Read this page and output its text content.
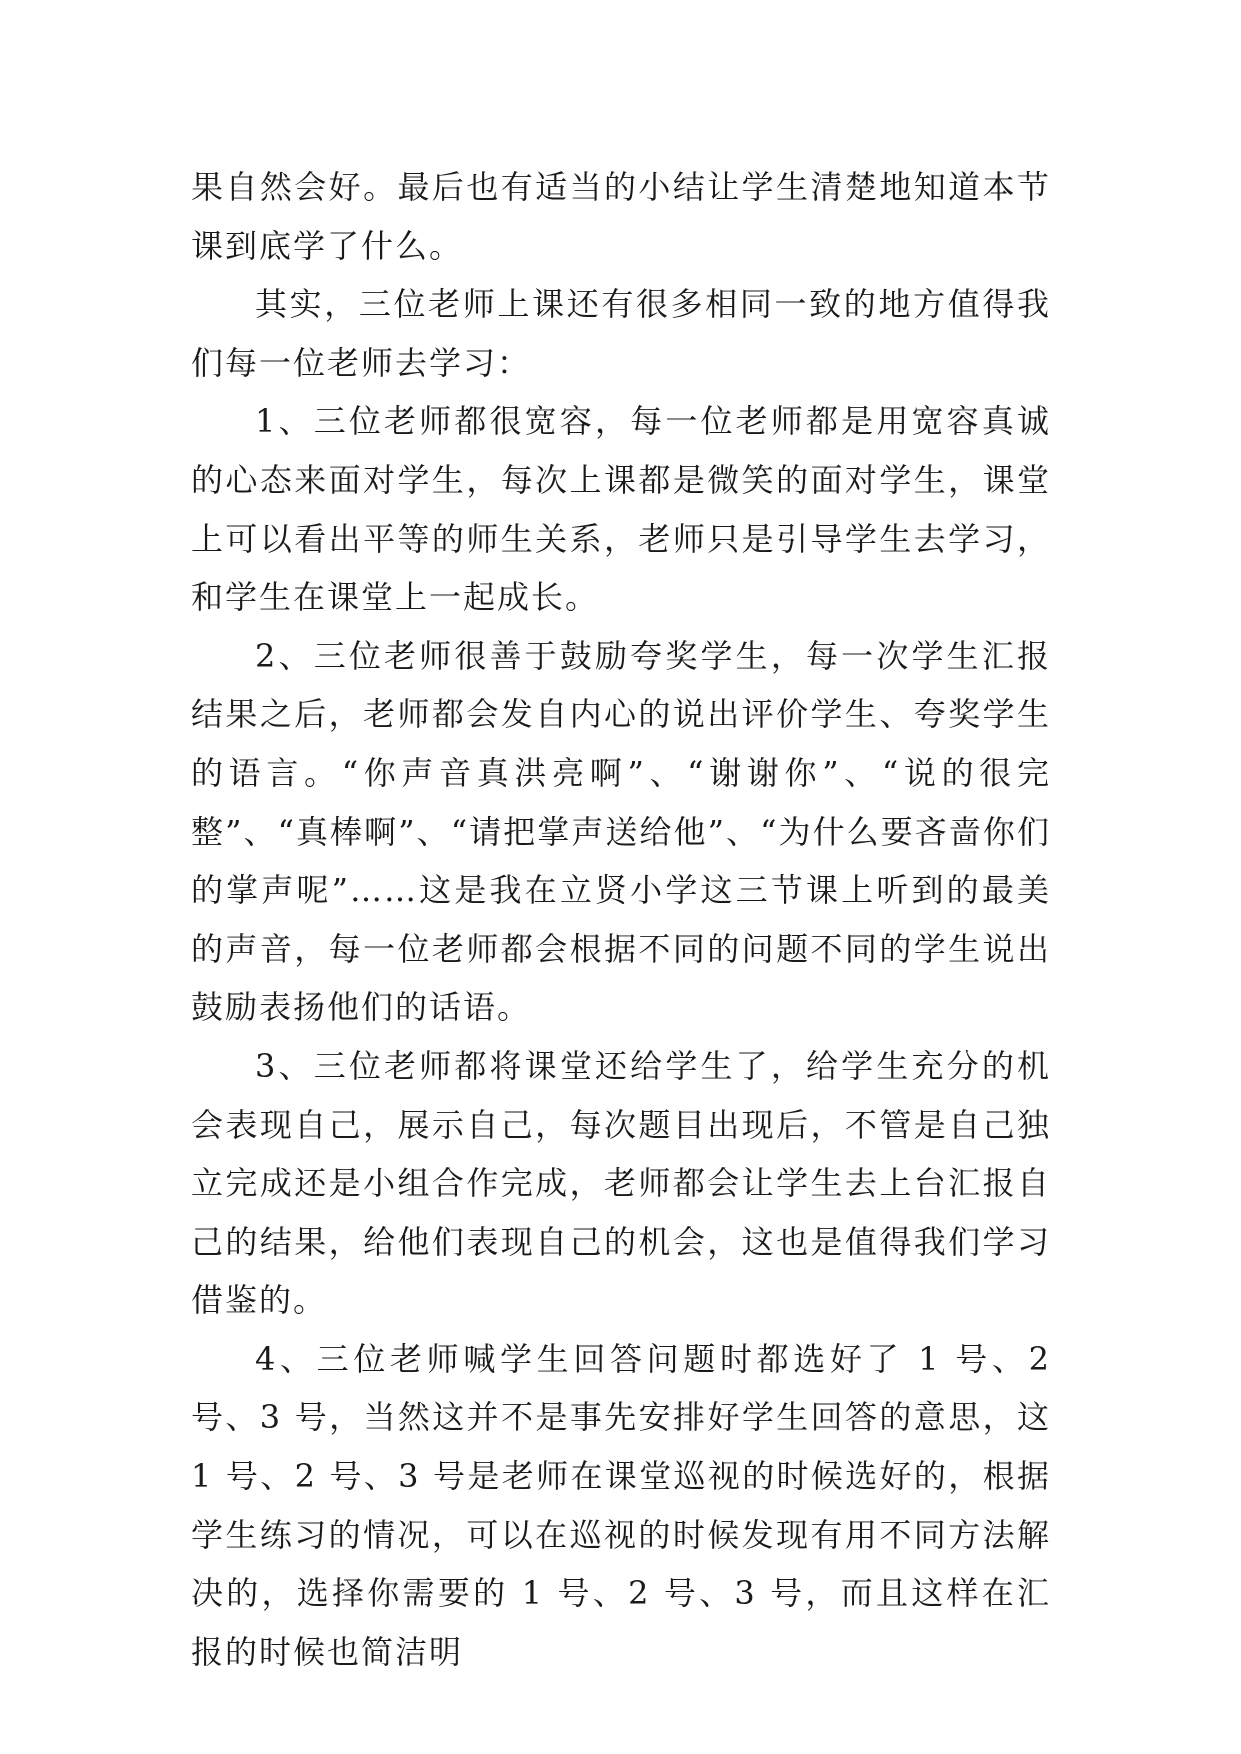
果自然会好。最后也有适当的小结让学生清楚地知道本节课到底学了什么。

其实，三位老师上课还有很多相同一致的地方值得我们每一位老师去学习：

1、三位老师都很宽容，每一位老师都是用宽容真诚的心态来面对学生，每次上课都是微笑的面对学生，课堂上可以看出平等的师生关系，老师只是引导学生去学习，和学生在课堂上一起成长。

2、三位老师很善于鼓励夸奖学生，每一次学生汇报结果之后，老师都会发自内心的说出评价学生、夸奖学生的语言。“你声音真洪亮啊”、“谢谢你”、“说的很完整”、“真棒啊”、“请把掌声送给他”、“为什么要吝啬你们的掌声呢”……这是我在立贤小学这三节课上听到的最美的声音，每一位老师都会根据不同的问题不同的学生说出鼓励表扬他们的话语。

3、三位老师都将课堂还给学生了，给学生充分的机会表现自己，展示自己，每次题目出现后，不管是自己独立完成还是小组合作完成，老师都会让学生去上台汇报自己的结果，给他们表现自己的机会，这也是值得我们学习借鉴的。

4、三位老师喊学生回答问题时都选好了 1 号、2 号、3 号，当然这并不是事先安排好学生回答的意思，这 1 号、2 号、3 号是老师在课堂巡视的时候选好的，根据学生练习的情况，可以在巡视的时候发现有用不同方法解决的，选择你需要的 1 号、2 号、3 号，而且这样在汇报的时候也简洁明
